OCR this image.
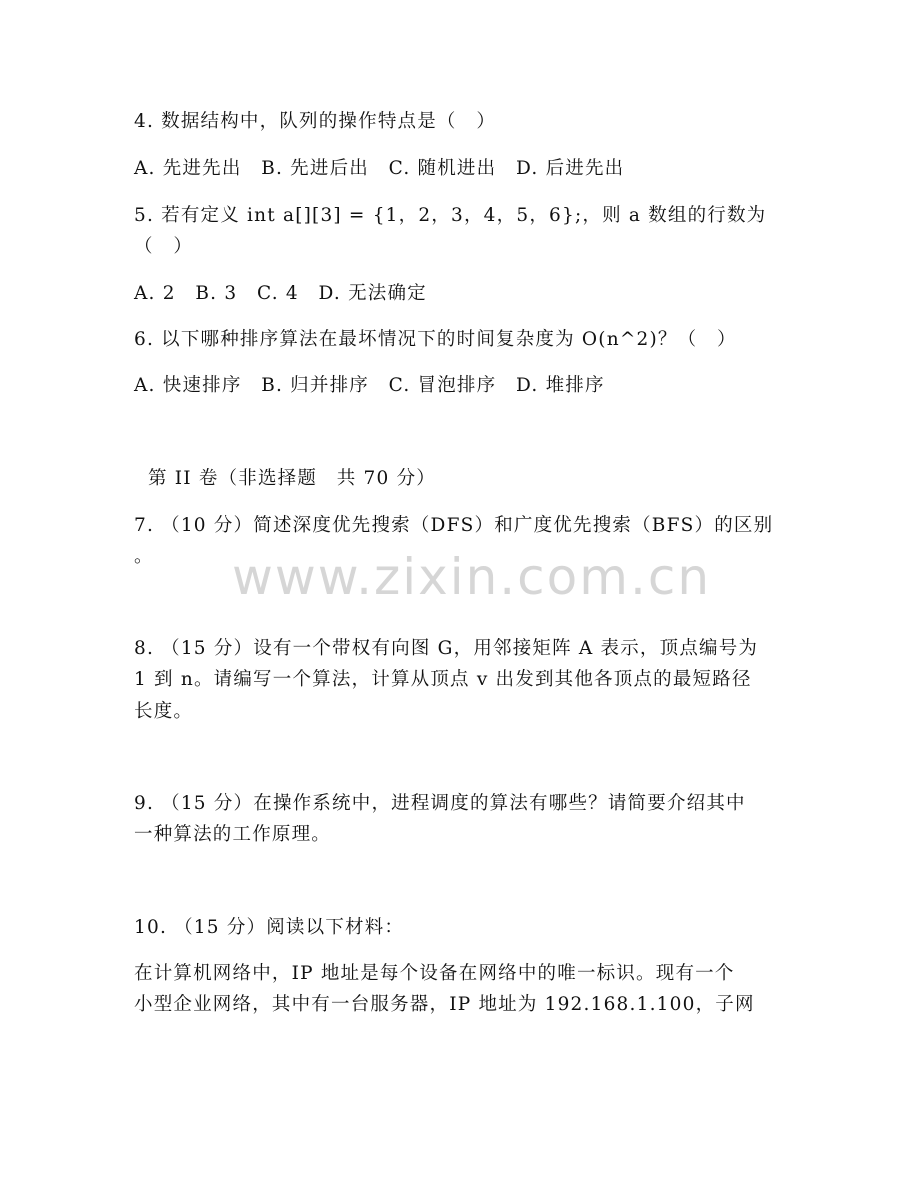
4. 数据结构中，队列的操作特点是（　）
A. 先进先出　B. 先进后出　C. 随机进出　D. 后进先出
5. 若有定义 int a[][3] = {1，2，3，4，5，6};，则 a 数组的行数为
（　）
A. 2　B. 3　C. 4　D. 无法确定
6. 以下哪种排序算法在最坏情况下的时间复杂度为 O(n^2)？（　）
A. 快速排序　B. 归并排序　C. 冒泡排序　D. 堆排序
第 II 卷（非选择题　共 70 分）
7. （10 分）简述深度优先搜索（DFS）和广度优先搜索（BFS）的区别
。
8. （15 分）设有一个带权有向图 G，用邻接矩阵 A 表示，顶点编号为
1 到 n。请编写一个算法，计算从顶点 v 出发到其他各顶点的最短路径
长度。
9. （15 分）在操作系统中，进程调度的算法有哪些？请简要介绍其中
一种算法的工作原理。
10. （15 分）阅读以下材料：
在计算机网络中，IP 地址是每个设备在网络中的唯一标识。现有一个
小型企业网络，其中有一台服务器，IP 地址为 192.168.1.100，子网
www.zixin.com.cn
